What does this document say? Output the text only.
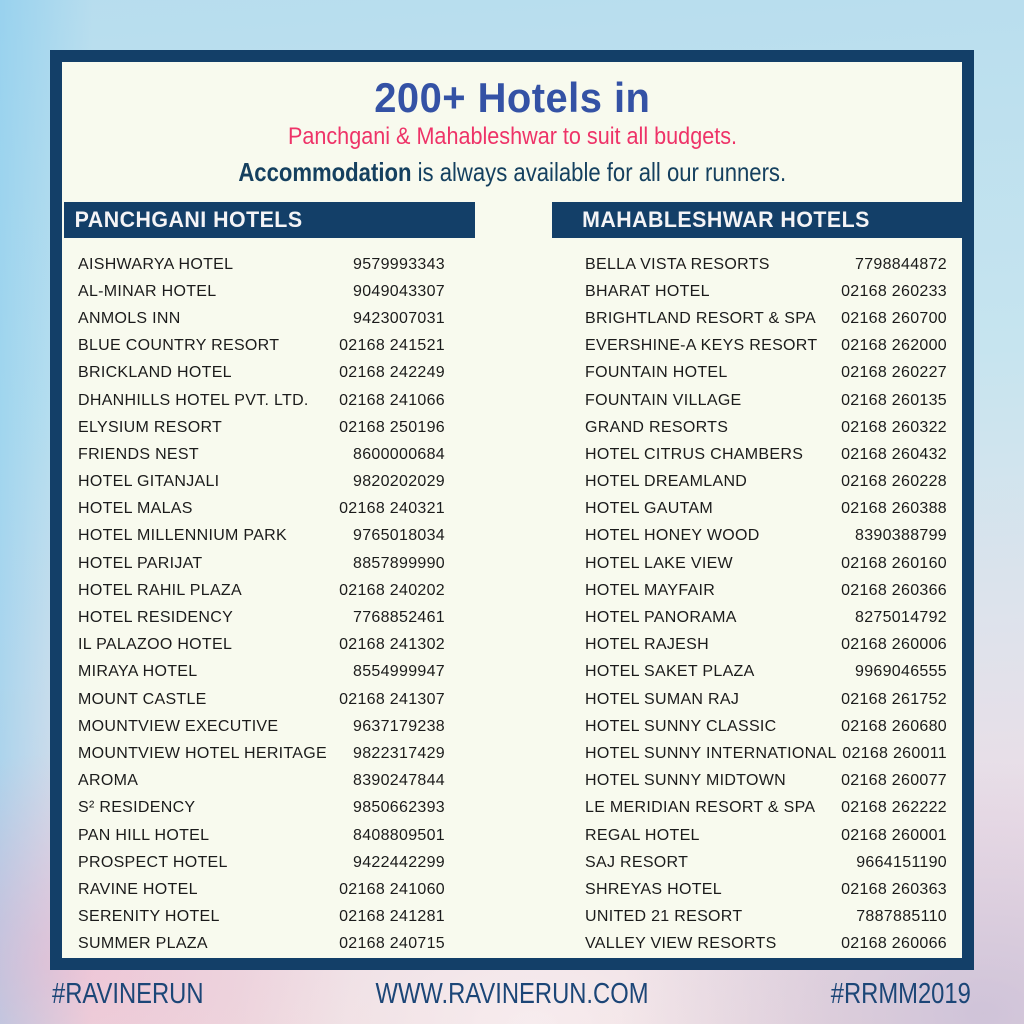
200+ Hotels in
Panchgani & Mahableshwar to suit all budgets.
Accommodation is always available for all our runners.
PANCHGANI HOTELS	MAHABLESHWAR HOTELS
AISHWARYA HOTEL	9579993343
AL-MINAR HOTEL	9049043307
ANMOLS INN	9423007031
BLUE COUNTRY RESORT	02168 241521
BRICKLAND HOTEL	02168 242249
DHANHILLS HOTEL PVT. LTD. 02168 241066
ELYSIUM RESORT	02168 250196
FRIENDS NEST	8600000684
HOTEL GITANJALI	9820202029
HOTEL MALAS	02168 240321
HOTEL MILLENNIUM PARK	9765018034
HOTEL PARIJAT	8857899990
HOTEL RAHIL PLAZA	02168 240202
HOTEL RESIDENCY	7768852461
IL PALAZOO HOTEL	02168 241302
MIRAYA HOTEL	8554999947
MOUNT CASTLE	02168 241307
MOUNTVIEW EXECUTIVE	9637179238
MOUNTVIEW HOTEL HERITAGE 9822317429
AROMA	8390247844
S² RESIDENCY	9850662393
PAN HILL HOTEL	8408809501
PROSPECT HOTEL	9422442299
RAVINE HOTEL	02168 241060
SERENITY HOTEL	02168 241281
SUMMER PLAZA	02168 240715
BELLA VISTA RESORTS	7798844872
BHARAT HOTEL	02168 260233
BRIGHTLAND RESORT & SPA 02168 260700
EVERSHINE-A KEYS RESORT 02168 262000
FOUNTAIN HOTEL	02168 260227
FOUNTAIN VILLAGE	02168 260135
GRAND RESORTS	02168 260322
HOTEL CITRUS CHAMBERS 02168 260432
HOTEL DREAMLAND	02168 260228
HOTEL GAUTAM	02168 260388
HOTEL HONEY WOOD	8390388799
HOTEL LAKE VIEW	02168 260160
HOTEL MAYFAIR	02168 260366
HOTEL PANORAMA	8275014792
HOTEL RAJESH	02168 260006
HOTEL SAKET PLAZA	9969046555
HOTEL SUMAN RAJ	02168 261752
HOTEL SUNNY CLASSIC	02168 260680
HOTEL SUNNY INTERNATIONAL 02168 260011
HOTEL SUNNY MIDTOWN	02168 260077
LE MERIDIAN RESORT & SPA 02168 262222
REGAL HOTEL	02168 260001
SAJ RESORT	9664151190
SHREYAS HOTEL	02168 260363
UNITED 21 RESORT	7887885110
VALLEY VIEW RESORTS	02168 260066
#RAVINERUN	WWW.RAVINERUN.COM	#RRMM2019
